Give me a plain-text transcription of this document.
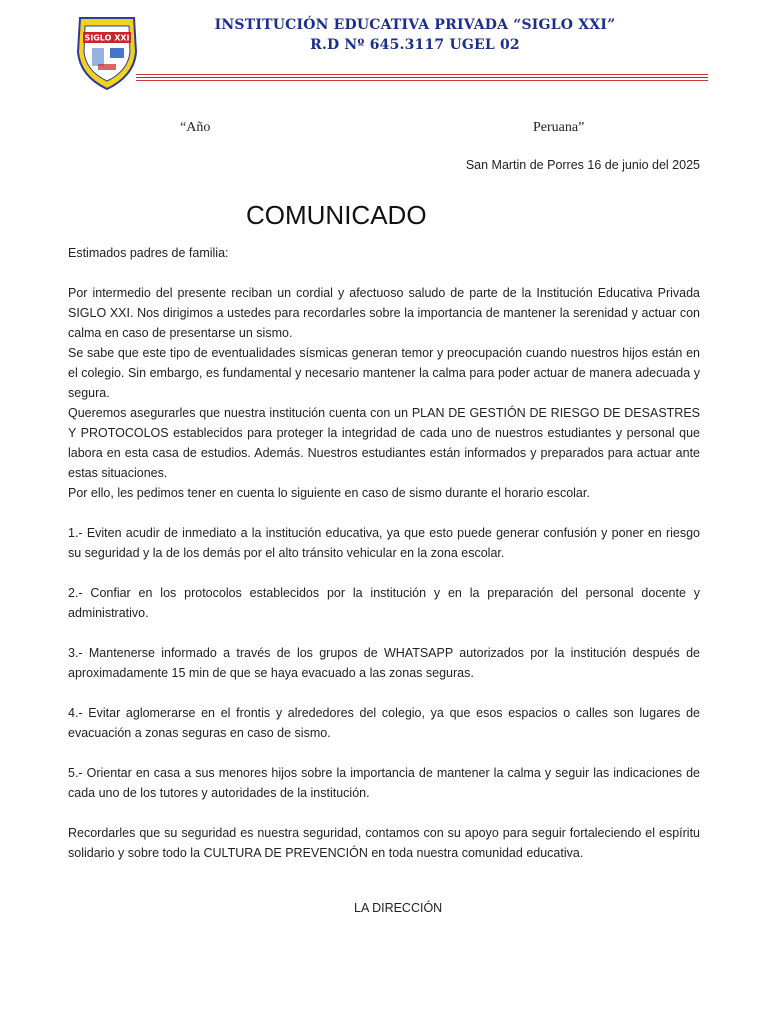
SIGLO XXI

INSTITUCIÓN EDUCATIVA PRIVADA “SIGLO XXI”

R.D Nº 645.3117 UGEL 02

“Año	Peruana”

San Martin de Porres 16 de junio del 2025

COMUNICADO

Estimados padres de familia:

Por intermedio del presente reciban un cordial y afectuoso saludo de parte de la Institución Educativa Privada SIGLO XXI. Nos dirigimos a ustedes para recordarles sobre la importancia de mantener la serenidad y actuar con calma en caso de presentarse un sismo.

Se sabe que este tipo de eventualidades sísmicas generan temor y preocupación cuando nuestros hijos están en el colegio. Sin embargo, es fundamental y necesario mantener la calma para poder actuar de manera adecuada y segura.

Queremos asegurarles que nuestra institución cuenta con un PLAN DE GESTIÓN DE RIESGO DE DESASTRES Y PROTOCOLOS establecidos para proteger la integridad de cada uno de nuestros estudiantes y personal que labora en esta casa de estudios. Además. Nuestros estudiantes están informados y preparados para actuar ante estas situaciones.

Por ello, les pedimos tener en cuenta lo siguiente en caso de sismo durante el horario escolar.

1.- Eviten acudir de inmediato a la institución educativa, ya que esto puede generar confusión y poner en riesgo su seguridad y la de los demás por el alto tránsito vehicular en la zona escolar.

2.- Confiar en los protocolos establecidos por la institución y en la preparación del personal docente y administrativo.

3.- Mantenerse informado a través de los grupos de WHATSAPP autorizados por la institución después de aproximadamente 15 min de que se haya evacuado a las zonas seguras.

4.- Evitar aglomerarse en el frontis y alrededores del colegio, ya que esos espacios o calles son lugares de evacuación a zonas seguras en caso de sismo.

5.- Orientar en casa a sus menores hijos sobre la importancia de mantener la calma y seguir las indicaciones de cada uno de los tutores y autoridades de la institución.

Recordarles que su seguridad es nuestra seguridad, contamos con su apoyo para seguir fortaleciendo el espíritu solidario y sobre todo la CULTURA DE PREVENCIÓN en toda nuestra comunidad educativa.

LA DIRECCIÓN
